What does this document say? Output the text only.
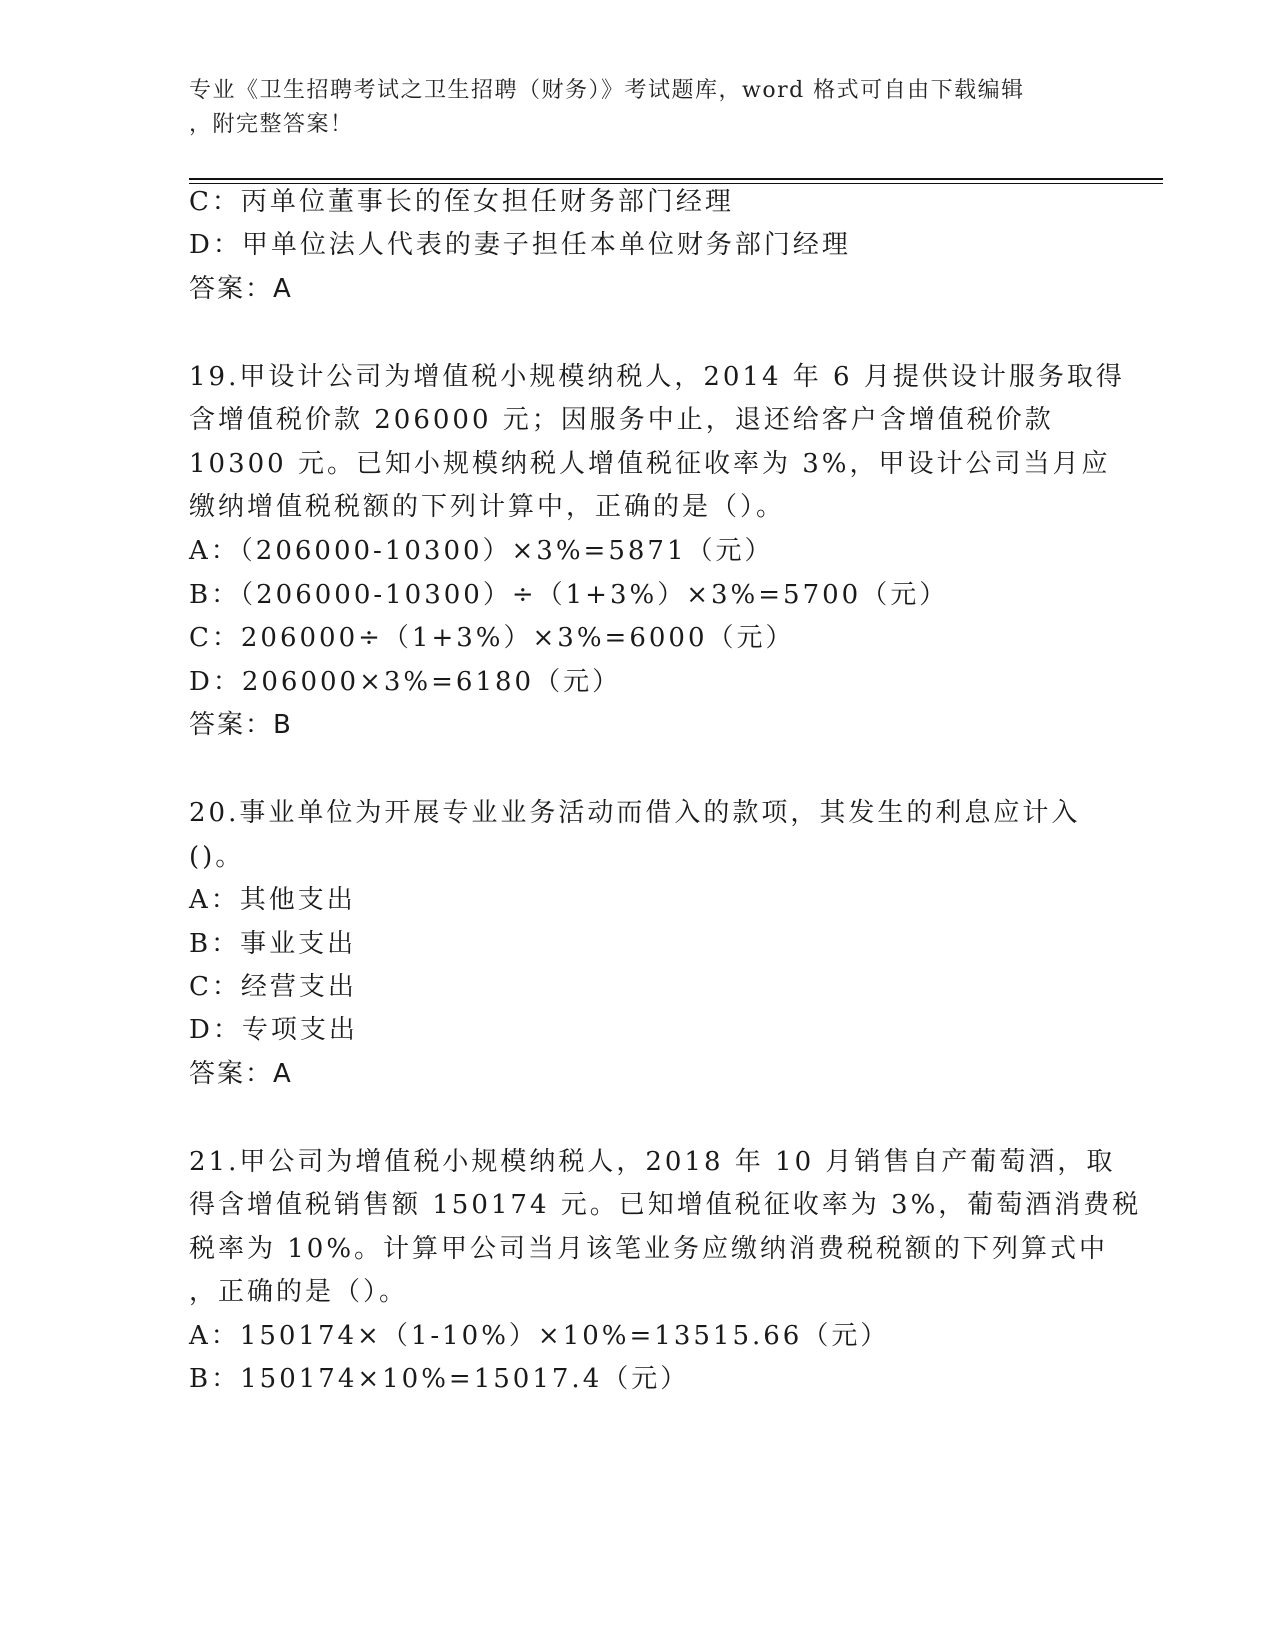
专业《卫生招聘考试之卫生招聘（财务）》考试题库，word 格式可自由下载编辑
，附完整答案！
C：丙单位董事长的侄女担任财务部门经理
D：甲单位法人代表的妻子担任本单位财务部门经理
答案：A
19.甲设计公司为增值税小规模纳税人，2014 年 6 月提供设计服务取得
含增值税价款 206000 元；因服务中止，退还给客户含增值税价款
10300 元。已知小规模纳税人增值税征收率为 3%，甲设计公司当月应
缴纳增值税税额的下列计算中，正确的是（）。
A：（206000-10300）×3%=5871（元）
B：（206000-10300）÷（1+3%）×3%=5700（元）
C：206000÷（1+3%）×3%=6000（元）
D：206000×3%=6180（元）
答案：B
20.事业单位为开展专业业务活动而借入的款项，其发生的利息应计入
()。
A：其他支出
B：事业支出
C：经营支出
D：专项支出
答案：A
21.甲公司为增值税小规模纳税人，2018 年 10 月销售自产葡萄酒，取
得含增值税销售额 150174 元。已知增值税征收率为 3%，葡萄酒消费税
税率为 10%。计算甲公司当月该笔业务应缴纳消费税税额的下列算式中
，正确的是（）。
A：150174×（1-10%）×10%=13515.66（元）
B：150174×10%=15017.4（元）
